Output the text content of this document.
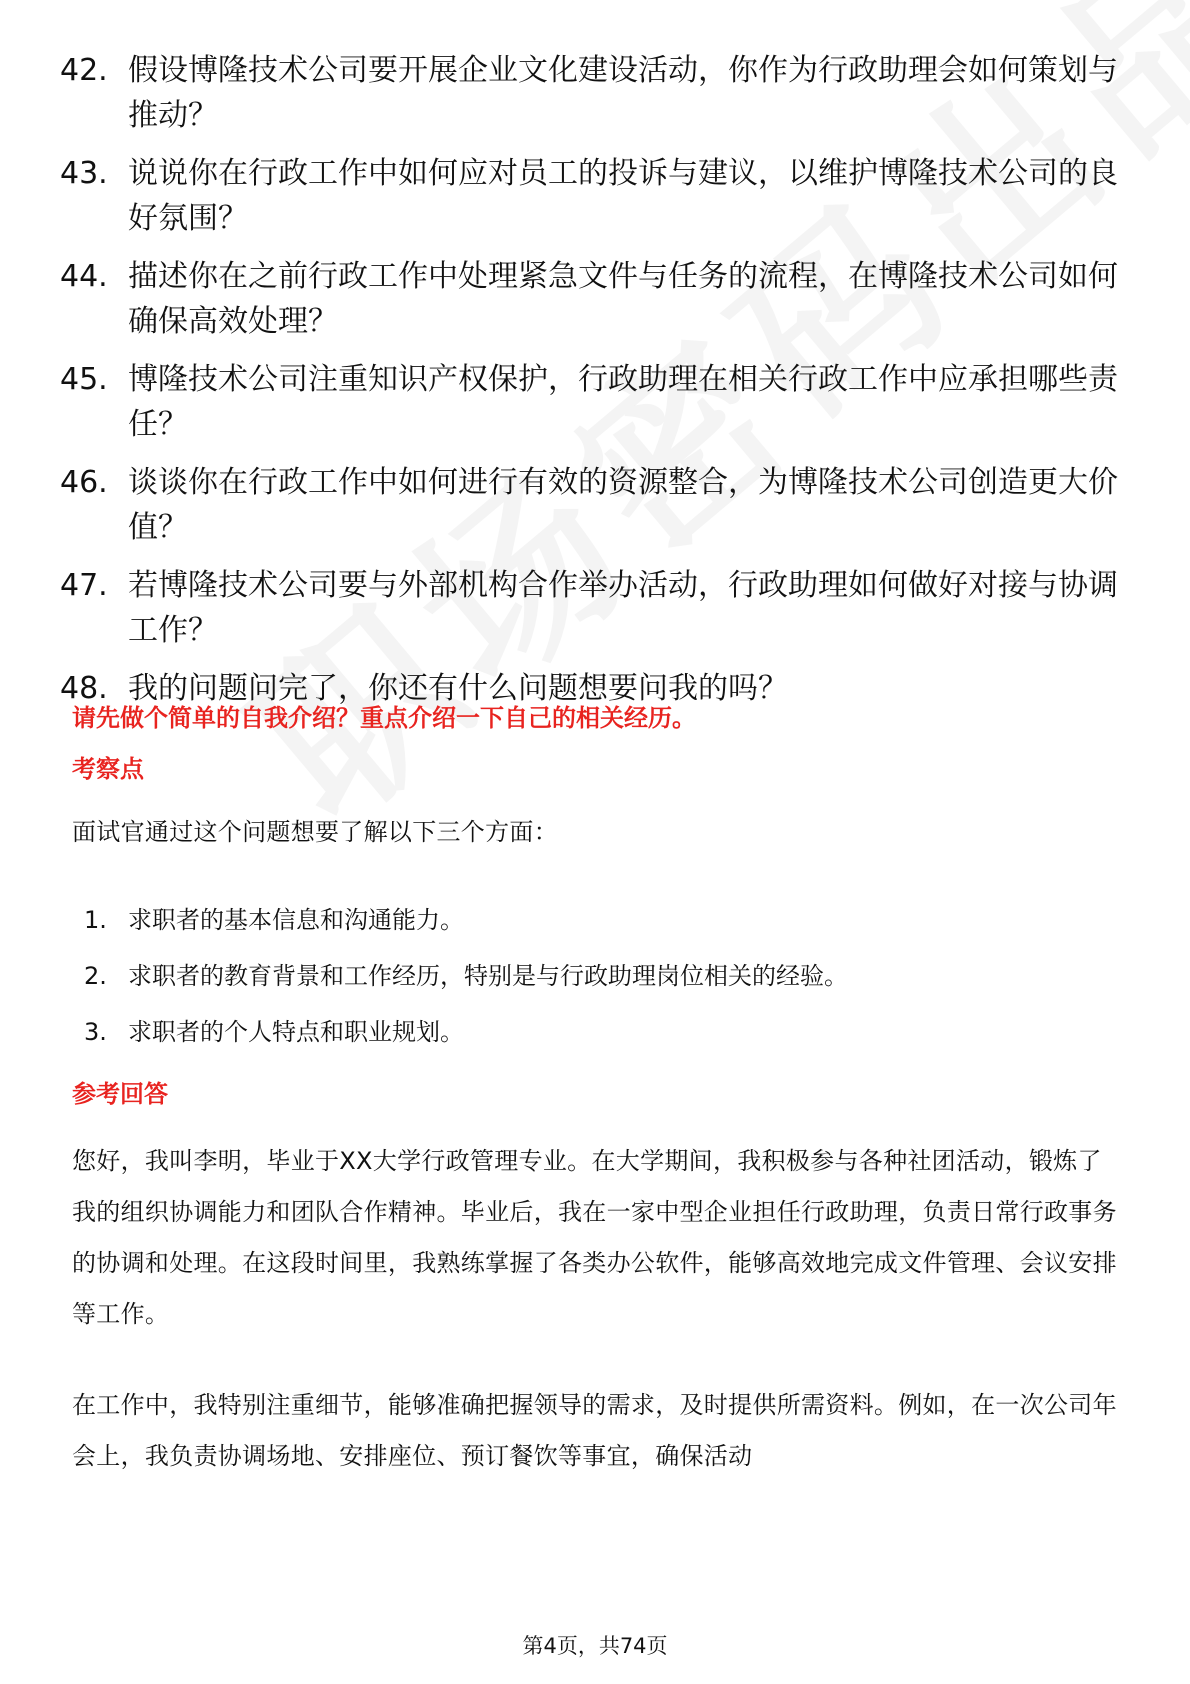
42. 假设博隆技术公司要开展企业文化建设活动，你作为行政助理会如何策划与推动？
43. 说说你在行政工作中如何应对员工的投诉与建议，以维护博隆技术公司的良好氛围？
44. 描述你在之前行政工作中处理紧急文件与任务的流程，在博隆技术公司如何确保高效处理？
45. 博隆技术公司注重知识产权保护，行政助理在相关行政工作中应承担哪些责任？
46. 谈谈你在行政工作中如何进行有效的资源整合，为博隆技术公司创造更大价值？
47. 若博隆技术公司要与外部机构合作举办活动，行政助理如何做好对接与协调工作？
48. 我的问题问完了，你还有什么问题想要问我的吗？
请先做个简单的自我介绍？重点介绍一下自己的相关经历。
考察点
面试官通过这个问题想要了解以下三个方面：
1. 求职者的基本信息和沟通能力。
2. 求职者的教育背景和工作经历，特别是与行政助理岗位相关的经验。
3. 求职者的个人特点和职业规划。
参考回答
您好，我叫李明，毕业于XX大学行政管理专业。在大学期间，我积极参与各种社团活动，锻炼了我的组织协调能力和团队合作精神。毕业后，我在一家中型企业担任行政助理，负责日常行政事务的协调和处理。在这段时间里，我熟练掌握了各类办公软件，能够高效地完成文件管理、会议安排等工作。
在工作中，我特别注重细节，能够准确把握领导的需求，及时提供所需资料。例如，在一次公司年会上，我负责协调场地、安排座位、预订餐饮等事宜，确保活动
第4页，共74页
